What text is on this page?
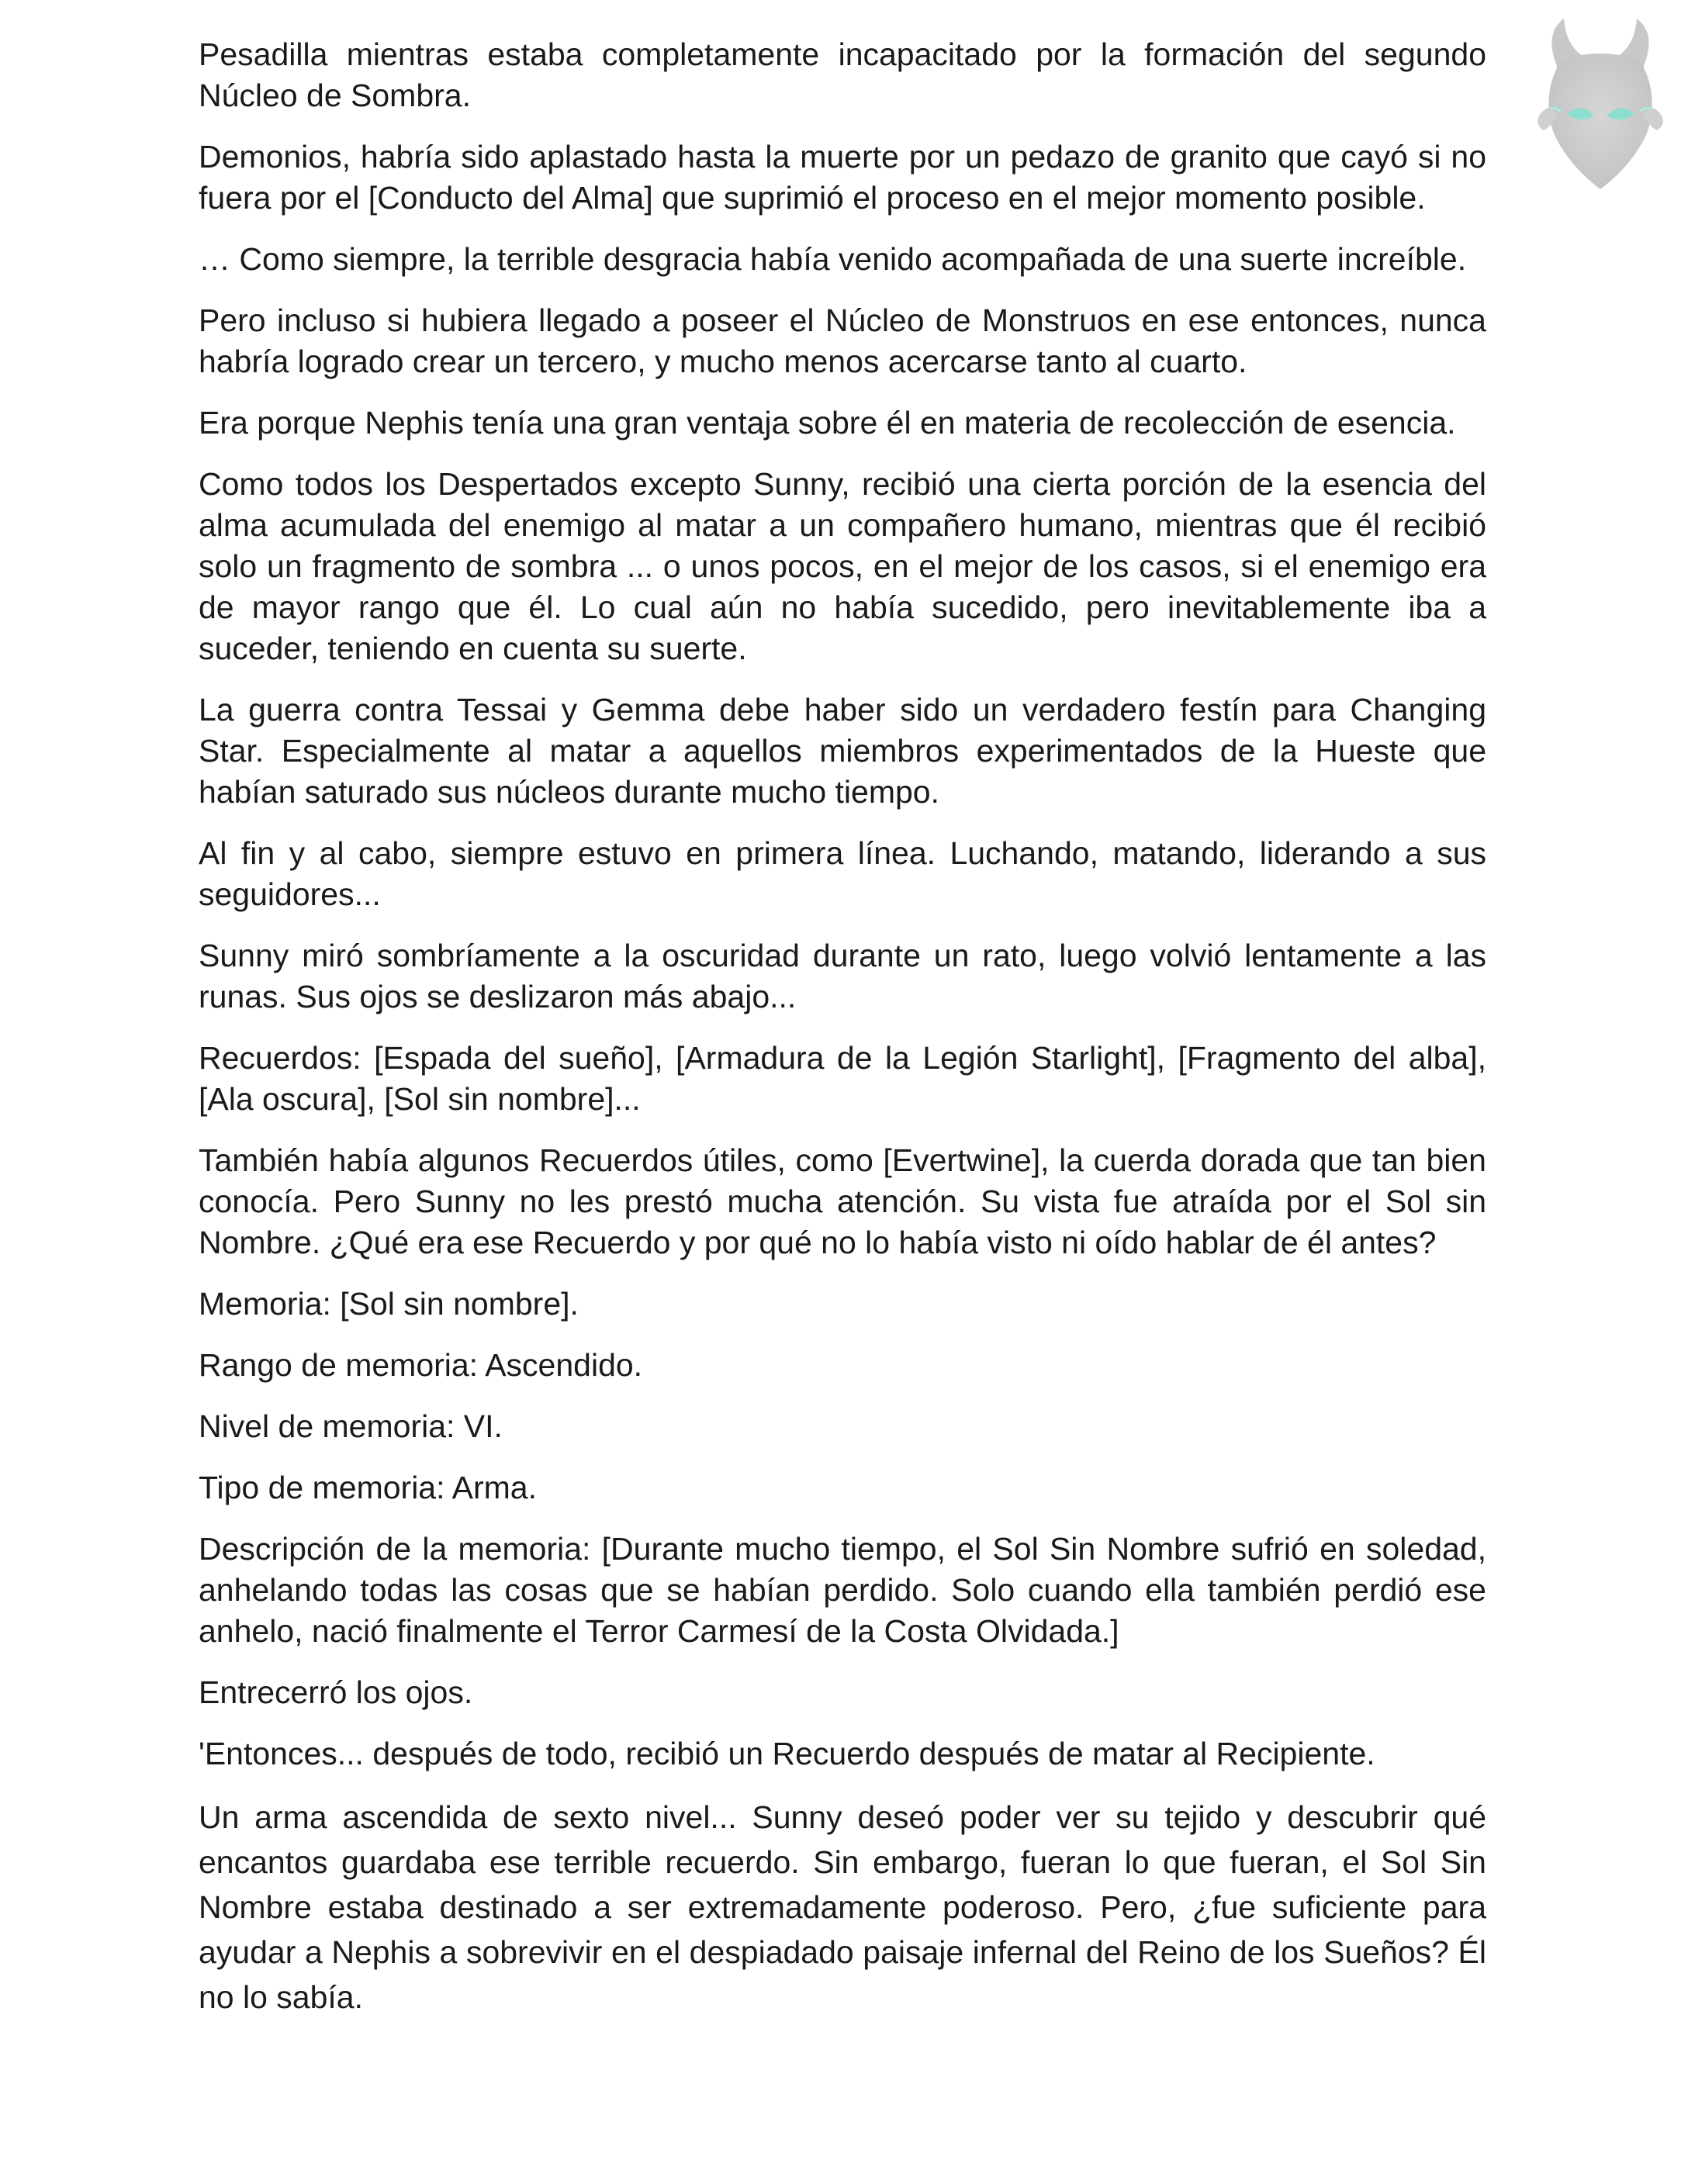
Pesadilla mientras estaba completamente incapacitado por la formación del segundo Núcleo de Sombra.

Demonios, habría sido aplastado hasta la muerte por un pedazo de granito que cayó si no fuera por el [Conducto del Alma] que suprimió el proceso en el mejor momento posible.

… Como siempre, la terrible desgracia había venido acompañada de una suerte increíble.

Pero incluso si hubiera llegado a poseer el Núcleo de Monstruos en ese entonces, nunca habría logrado crear un tercero, y mucho menos acercarse tanto al cuarto.

Era porque Nephis tenía una gran ventaja sobre él en materia de recolección de esencia.

Como todos los Despertados excepto Sunny, recibió una cierta porción de la esencia del alma acumulada del enemigo al matar a un compañero humano, mientras que él recibió solo un fragmento de sombra ... o unos pocos, en el mejor de los casos, si el enemigo era de mayor rango que él. Lo cual aún no había sucedido, pero inevitablemente iba a suceder, teniendo en cuenta su suerte.

La guerra contra Tessai y Gemma debe haber sido un verdadero festín para Changing Star. Especialmente al matar a aquellos miembros experimentados de la Hueste que habían saturado sus núcleos durante mucho tiempo.

Al fin y al cabo, siempre estuvo en primera línea. Luchando, matando, liderando a sus seguidores...

Sunny miró sombríamente a la oscuridad durante un rato, luego volvió lentamente a las runas. Sus ojos se deslizaron más abajo...

Recuerdos: [Espada del sueño], [Armadura de la Legión Starlight], [Fragmento del alba], [Ala oscura], [Sol sin nombre]...

También había algunos Recuerdos útiles, como [Evertwine], la cuerda dorada que tan bien conocía. Pero Sunny no les prestó mucha atención. Su vista fue atraída por el Sol sin Nombre. ¿Qué era ese Recuerdo y por qué no lo había visto ni oído hablar de él antes?

Memoria: [Sol sin nombre].

Rango de memoria: Ascendido.

Nivel de memoria: VI.

Tipo de memoria: Arma.

Descripción de la memoria: [Durante mucho tiempo, el Sol Sin Nombre sufrió en soledad, anhelando todas las cosas que se habían perdido. Solo cuando ella también perdió ese anhelo, nació finalmente el Terror Carmesí de la Costa Olvidada.]

Entrecerró los ojos.

'Entonces... después de todo, recibió un Recuerdo después de matar al Recipiente.

Un arma ascendida de sexto nivel... Sunny deseó poder ver su tejido y descubrir qué encantos guardaba ese terrible recuerdo. Sin embargo, fueran lo que fueran, el Sol Sin Nombre estaba destinado a ser extremadamente poderoso. Pero, ¿fue suficiente para ayudar a Nephis a sobrevivir en el despiadado paisaje infernal del Reino de los Sueños? Él no lo sabía.
